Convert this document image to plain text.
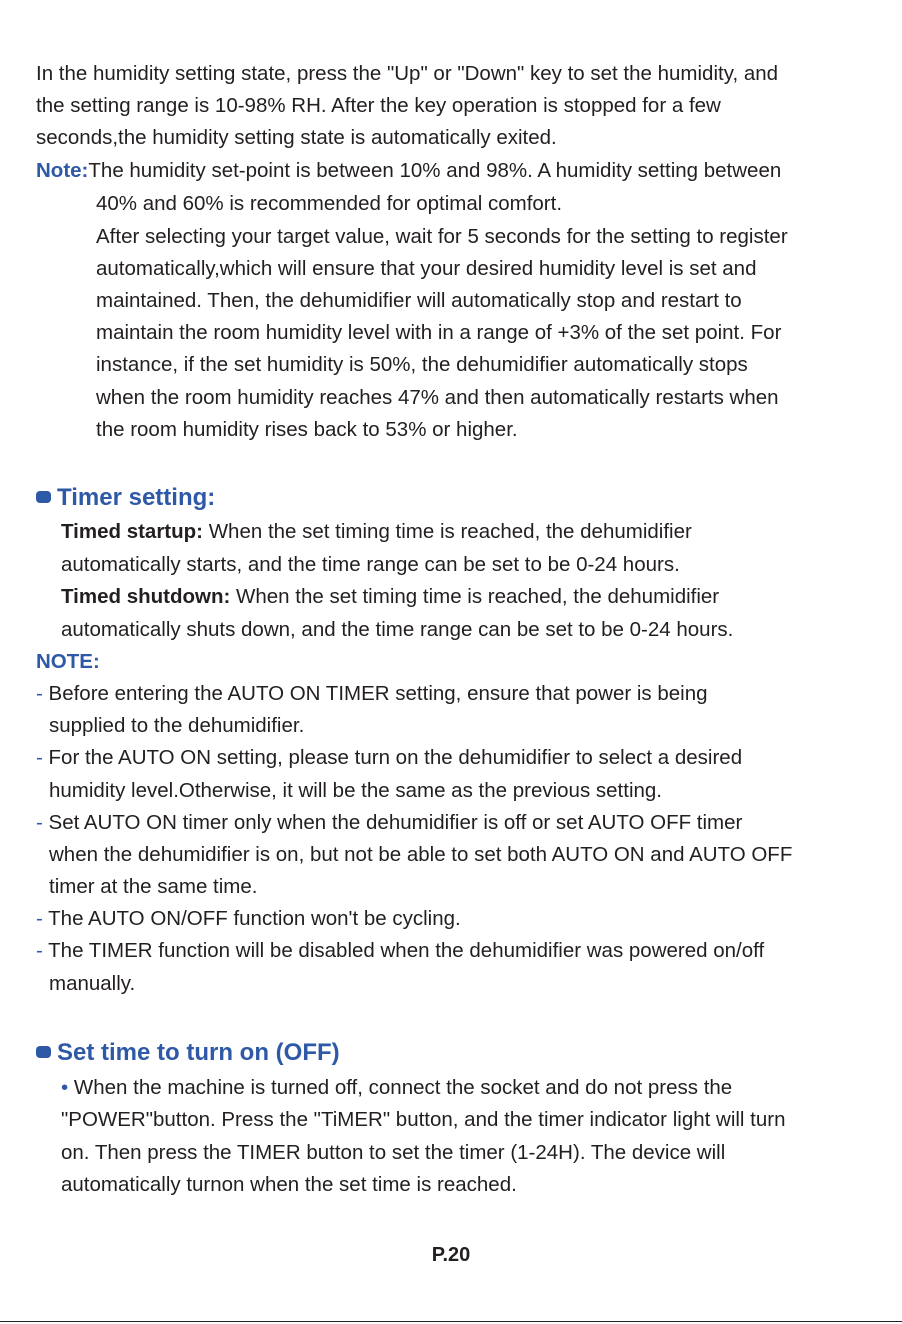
In the humidity setting state, press the "Up" or "Down" key to set the humidity, and
the setting range is 10-98% RH. After the key operation is stopped for a few
seconds,the humidity setting state is automatically exited.
Note:The humidity set-point is between 10% and 98%. A humidity setting between
40% and 60% is recommended for optimal comfort.
After selecting your target value, wait for 5 seconds for the setting to register
automatically,which will ensure that your desired humidity level is set and
maintained. Then, the dehumidifier will automatically stop and restart to
maintain the room humidity level with in a range of +3% of the set point. For
instance, if the set humidity is 50%, the dehumidifier automatically stops
when the room humidity reaches 47% and then automatically restarts when
the room humidity rises back to 53% or higher.
Timer setting:
Timed startup: When the set timing time is reached, the dehumidifier
automatically starts, and the time range can be set to be 0-24 hours.
Timed shutdown: When the set timing time is reached, the dehumidifier
automatically shuts down, and the time range can be set to be 0-24 hours.
NOTE:
- Before entering the AUTO ON TIMER setting, ensure that power is being
supplied to the dehumidifier.
- For the AUTO ON setting, please turn on the dehumidifier to select a desired
humidity level.Otherwise, it will be the same as the previous setting.
- Set AUTO ON timer only when the dehumidifier is off or set AUTO OFF timer
when the dehumidifier is on, but not be able to set both AUTO ON and AUTO OFF
timer at the same time.
- The AUTO ON/OFF function won't be cycling.
- The TIMER function will be disabled when the dehumidifier was powered on/off
manually.
Set time to turn on (OFF)
• When the machine is turned off, connect the socket and do not press the
"POWER"button. Press the "TiMER" button, and the timer indicator light will turn
on. Then press the TIMER button to set the timer (1-24H). The device will
automatically turnon when the set time is reached.
P.20
